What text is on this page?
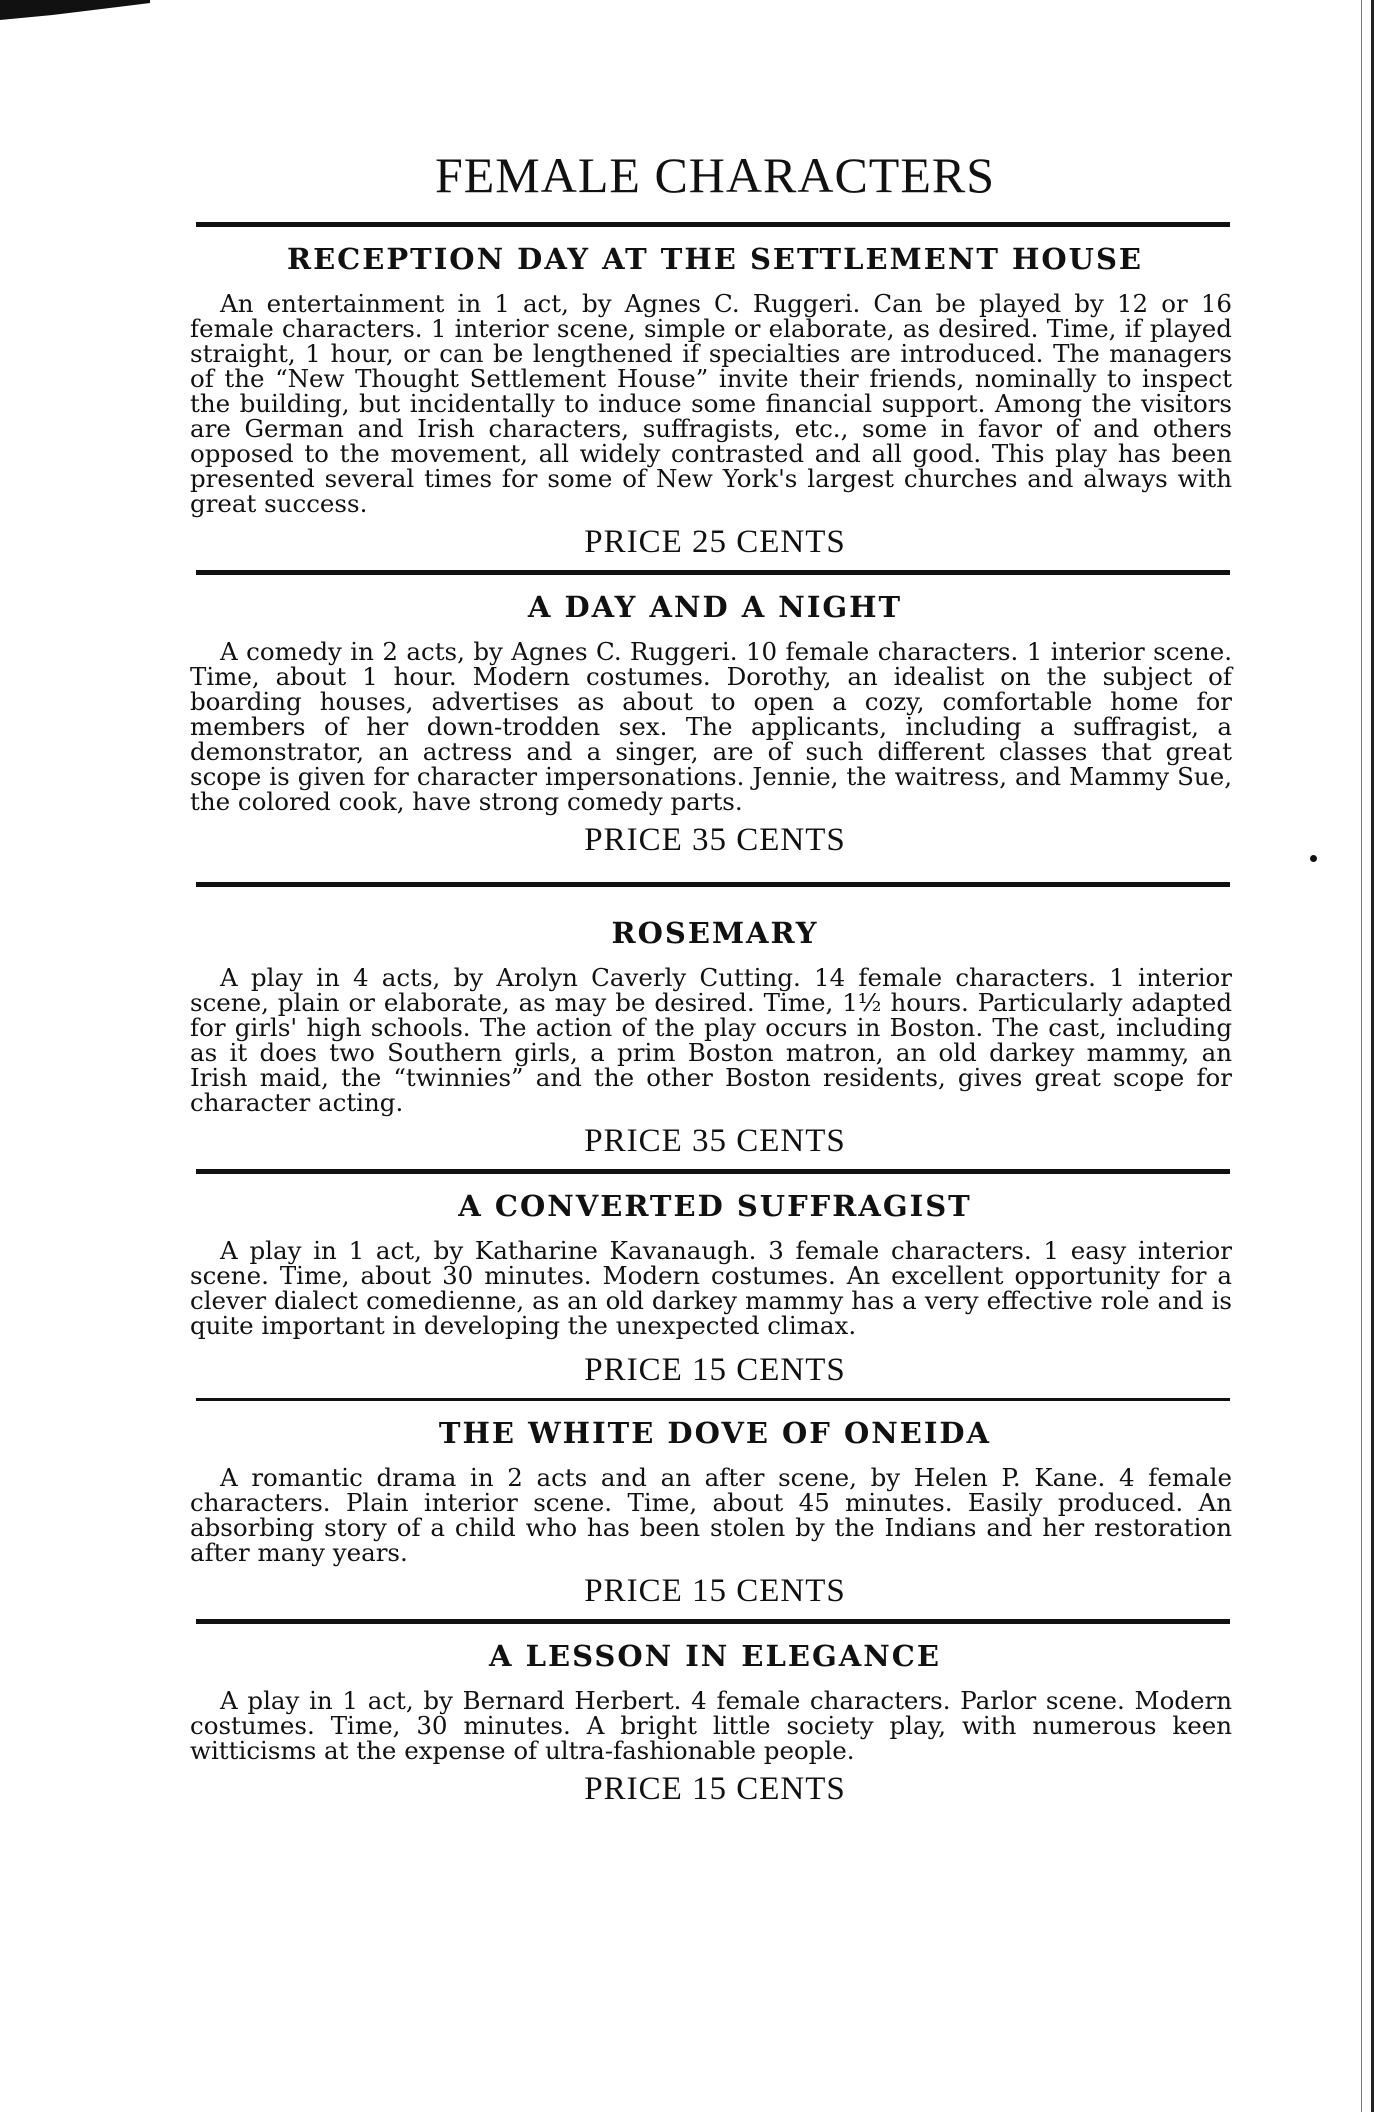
FEMALE CHARACTERS
RECEPTION DAY AT THE SETTLEMENT HOUSE

An entertainment in 1 act, by Agnes C. Ruggeri. Can be played by 12 or 16 female characters. 1 interior scene, simple or elaborate, as desired. Time, if played straight, 1 hour, or can be lengthened if specialties are introduced. The managers of the “New Thought Settlement House” invite their friends, nominally to inspect the building, but incidentally to induce some financial support. Among the visitors are German and Irish characters, suffragists, etc., some in favor of and others opposed to the movement, all widely contrasted and all good. This play has been presented several times for some of New York's largest churches and always with great success.

PRICE 25 CENTS
A DAY AND A NIGHT

A comedy in 2 acts, by Agnes C. Ruggeri. 10 female characters. 1 interior scene. Time, about 1 hour. Modern costumes. Dorothy, an idealist on the subject of boarding houses, advertises as about to open a cozy, comfortable home for members of her down-trodden sex. The applicants, including a suffragist, a demonstrator, an actress and a singer, are of such different classes that great scope is given for character impersonations. Jennie, the waitress, and Mammy Sue, the colored cook, have strong comedy parts.

PRICE 35 CENTS
ROSEMARY

A play in 4 acts, by Arolyn Caverly Cutting. 14 female characters. 1 interior scene, plain or elaborate, as may be desired. Time, 1½ hours. Particularly adapted for girls' high schools. The action of the play occurs in Boston. The cast, including as it does two Southern girls, a prim Boston matron, an old darkey mammy, an Irish maid, the “twinnies” and the other Boston residents, gives great scope for character acting.

PRICE 35 CENTS
A CONVERTED SUFFRAGIST

A play in 1 act, by Katharine Kavanaugh. 3 female characters. 1 easy interior scene. Time, about 30 minutes. Modern costumes. An excellent opportunity for a clever dialect comedienne, as an old darkey mammy has a very effective role and is quite important in developing the unexpected climax.

PRICE 15 CENTS
THE WHITE DOVE OF ONEIDA

A romantic drama in 2 acts and an after scene, by Helen P. Kane. 4 female characters. Plain interior scene. Time, about 45 minutes. Easily produced. An absorbing story of a child who has been stolen by the Indians and her restoration after many years.

PRICE 15 CENTS
A LESSON IN ELEGANCE

A play in 1 act, by Bernard Herbert. 4 female characters. Parlor scene. Modern costumes. Time, 30 minutes. A bright little society play, with numerous keen witticisms at the expense of ultra-fashionable people.

PRICE 15 CENTS
